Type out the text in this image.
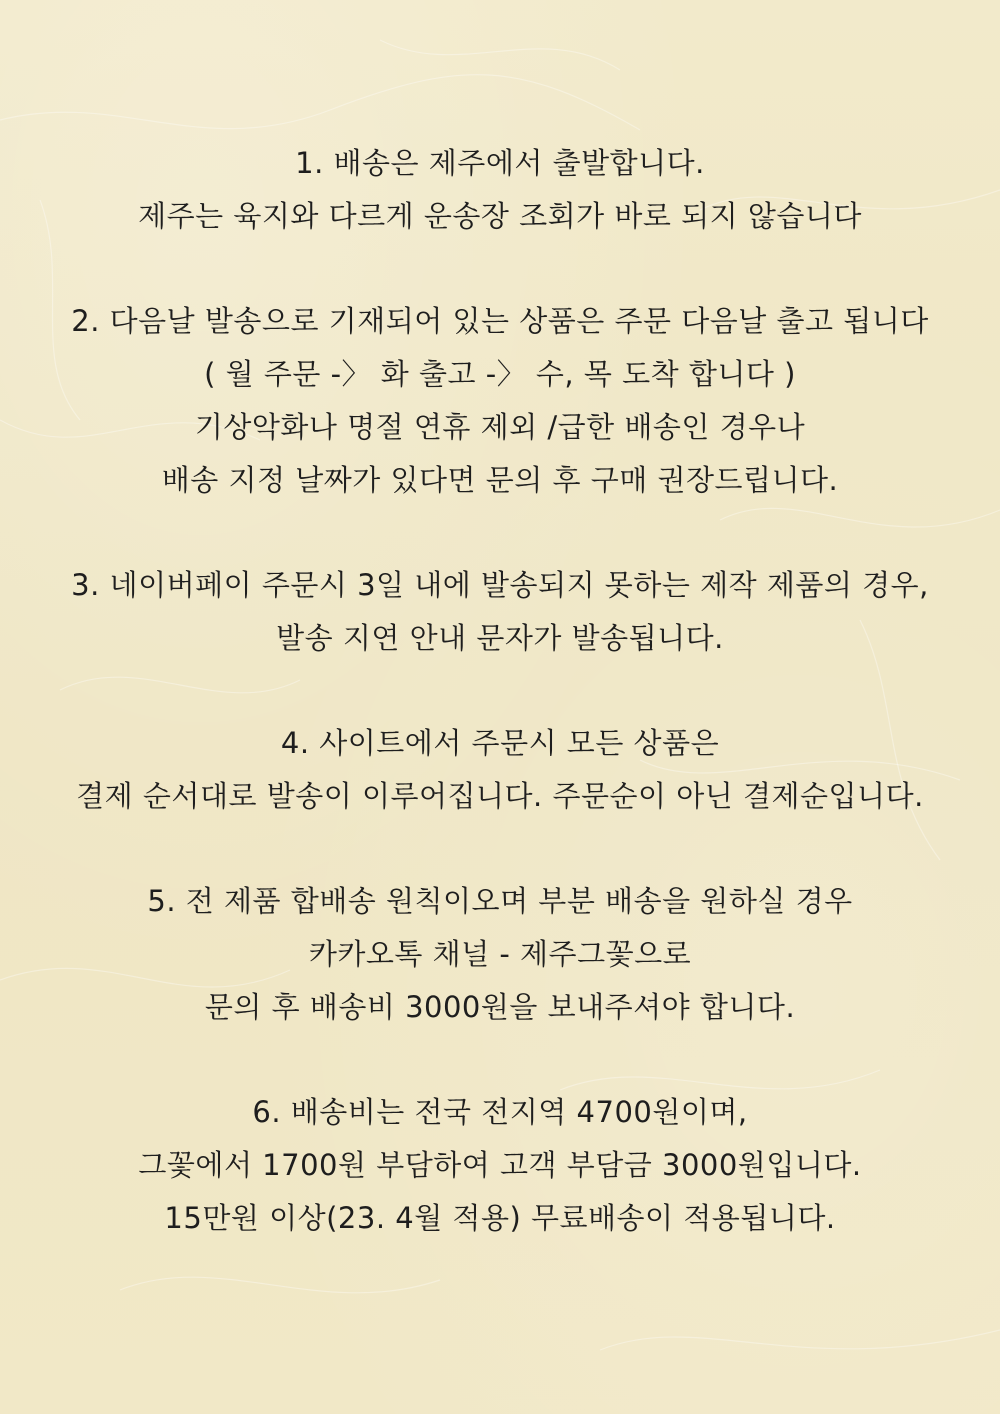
1. 배송은 제주에서 출발합니다.
제주는 육지와 다르게 운송장 조회가 바로 되지 않습니다
2. 다음날 발송으로 기재되어 있는 상품은 주문 다음날 출고 됩니다
( 월 주문 -〉 화 출고 -〉 수, 목 도착 합니다 )
기상악화나 명절 연휴 제외 /급한 배송인 경우나
배송 지정 날짜가 있다면 문의 후 구매 권장드립니다.
3. 네이버페이 주문시 3일 내에 발송되지 못하는 제작 제품의 경우,
발송 지연 안내 문자가 발송됩니다.
4. 사이트에서 주문시 모든 상품은
결제 순서대로 발송이 이루어집니다. 주문순이 아닌 결제순입니다.
5. 전 제품 합배송 원칙이오며 부분 배송을 원하실 경우
카카오톡 채널 - 제주그꽃으로
문의 후 배송비 3000원을 보내주셔야 합니다.
6. 배송비는 전국 전지역 4700원이며,
그꽃에서 1700원 부담하여 고객 부담금 3000원입니다.
15만원 이상(23. 4월 적용) 무료배송이 적용됩니다.
